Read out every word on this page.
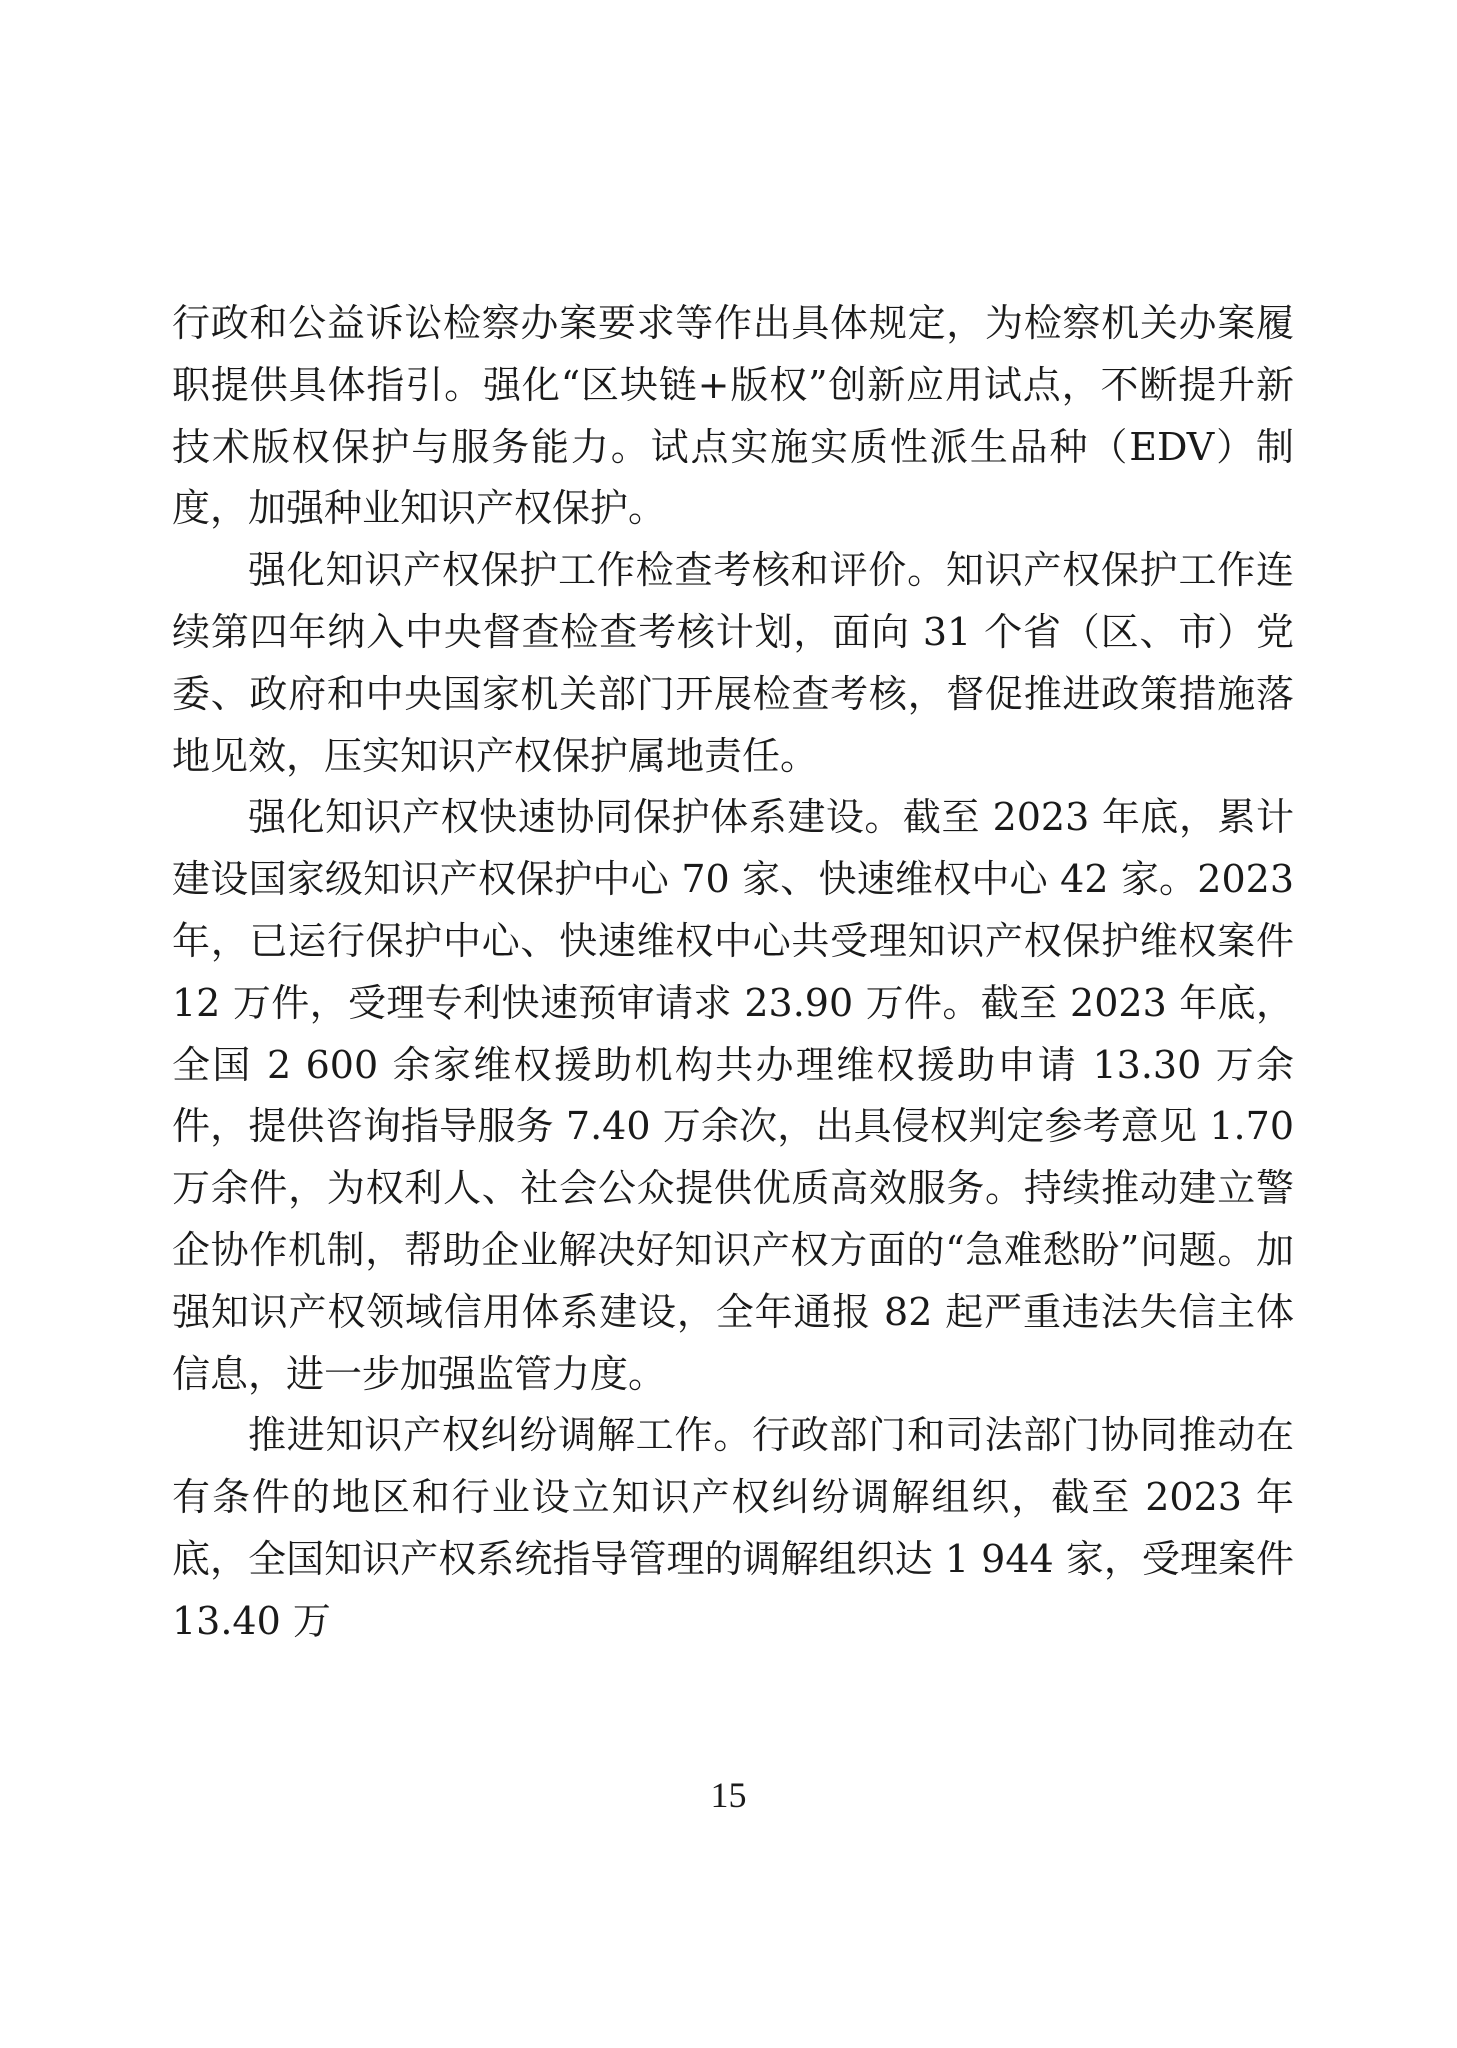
行政和公益诉讼检察办案要求等作出具体规定，为检察机关办案履职提供具体指引。强化“区块链+版权”创新应用试点，不断提升新技术版权保护与服务能力。试点实施实质性派生品种（EDV）制度，加强种业知识产权保护。

强化知识产权保护工作检查考核和评价。知识产权保护工作连续第四年纳入中央督查检查考核计划，面向 31 个省（区、市）党委、政府和中央国家机关部门开展检查考核，督促推进政策措施落地见效，压实知识产权保护属地责任。

强化知识产权快速协同保护体系建设。截至 2023 年底，累计建设国家级知识产权保护中心 70 家、快速维权中心 42 家。2023 年，已运行保护中心、快速维权中心共受理知识产权保护维权案件 12 万件，受理专利快速预审请求 23.90 万件。截至 2023 年底，全国 2 600 余家维权援助机构共办理维权援助申请 13.30 万余件，提供咨询指导服务 7.40 万余次，出具侵权判定参考意见 1.70 万余件，为权利人、社会公众提供优质高效服务。持续推动建立警企协作机制，帮助企业解决好知识产权方面的“急难愁盼”问题。加强知识产权领域信用体系建设，全年通报 82 起严重违法失信主体信息，进一步加强监管力度。

推进知识产权纠纷调解工作。行政部门和司法部门协同推动在有条件的地区和行业设立知识产权纠纷调解组织，截至 2023 年底，全国知识产权系统指导管理的调解组织达 1 944 家，受理案件 13.40 万

15
